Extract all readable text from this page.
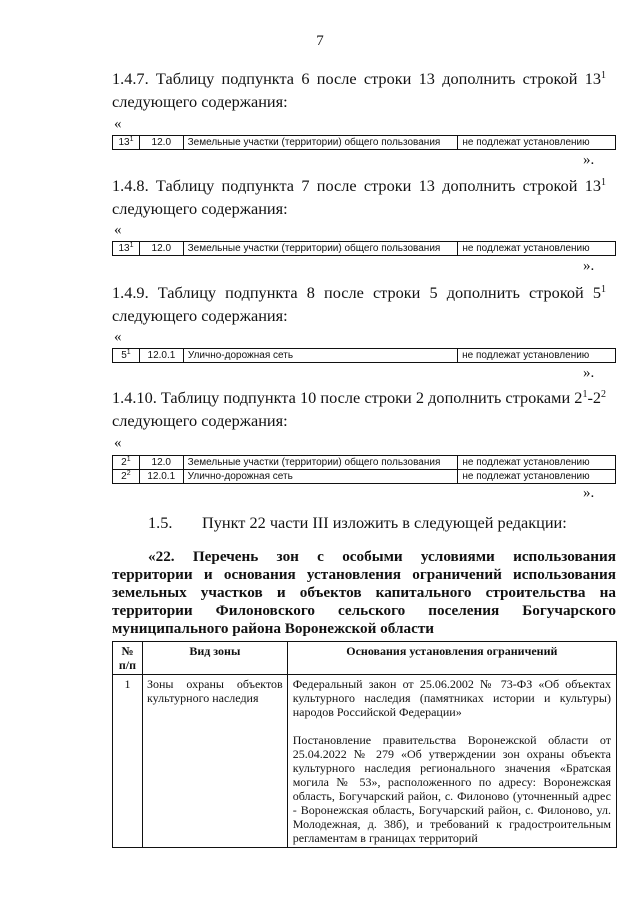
7
1.4.7. Таблицу подпункта 6 после строки 13 дополнить строкой $13^1$
следующего содержания:
«
$13^1$	12.0	Земельные участки (территории) общего пользования	не подлежат установлению
».
1.4.8. Таблицу подпункта 7 после строки 13 дополнить строкой $13^1$
следующего содержания:
«
$13^1$	12.0	Земельные участки (территории) общего пользования	не подлежат установлению
».
1.4.9. Таблицу подпункта 8 после строки 5 дополнить строкой $5^1$
следующего содержания:
«
$5^1$	12.0.1	Улично-дорожная сеть	не подлежат установлению
».
1.4.10. Таблицу подпункта 10 после строки 2 дополнить строками $2^1-2^2$
следующего содержания:
«
$2^1$	12.0	Земельные участки (территории) общего пользования	не подлежат установлению
$2^2$	12.0.1	Улично-дорожная сеть	не подлежат установлению
».
1.5. Пункт 22 части III изложить в следующей редакции:
«22. Перечень зон с особыми условиями использования
территории и основания установления ограничений использования
земельных участков и объектов капитального строительства на
территории Филоновского сельского поселения Богучарского
муниципального района Воронежской области
№ п/п	Вид зоны	Основания установления ограничений
1	Зоны охраны объектов культурного наследия	Федеральный закон от 25.06.2002 № 73-ФЗ «Об объектах культурного наследия (памятниках истории и культуры) народов Российской Федерации»
Постановление правительства Воронежской области от 25.04.2022 № 279 «Об утверждении зон охраны объекта культурного наследия регионального значения «Братская могила № 53», расположенного по адресу: Воронежская область, Богучарский район, с. Филоново (уточненный адрес - Воронежская область, Богучарский район, с. Филоново, ул. Молодежная, д. 38б), и требований к градостроительным регламентам в границах территорий
